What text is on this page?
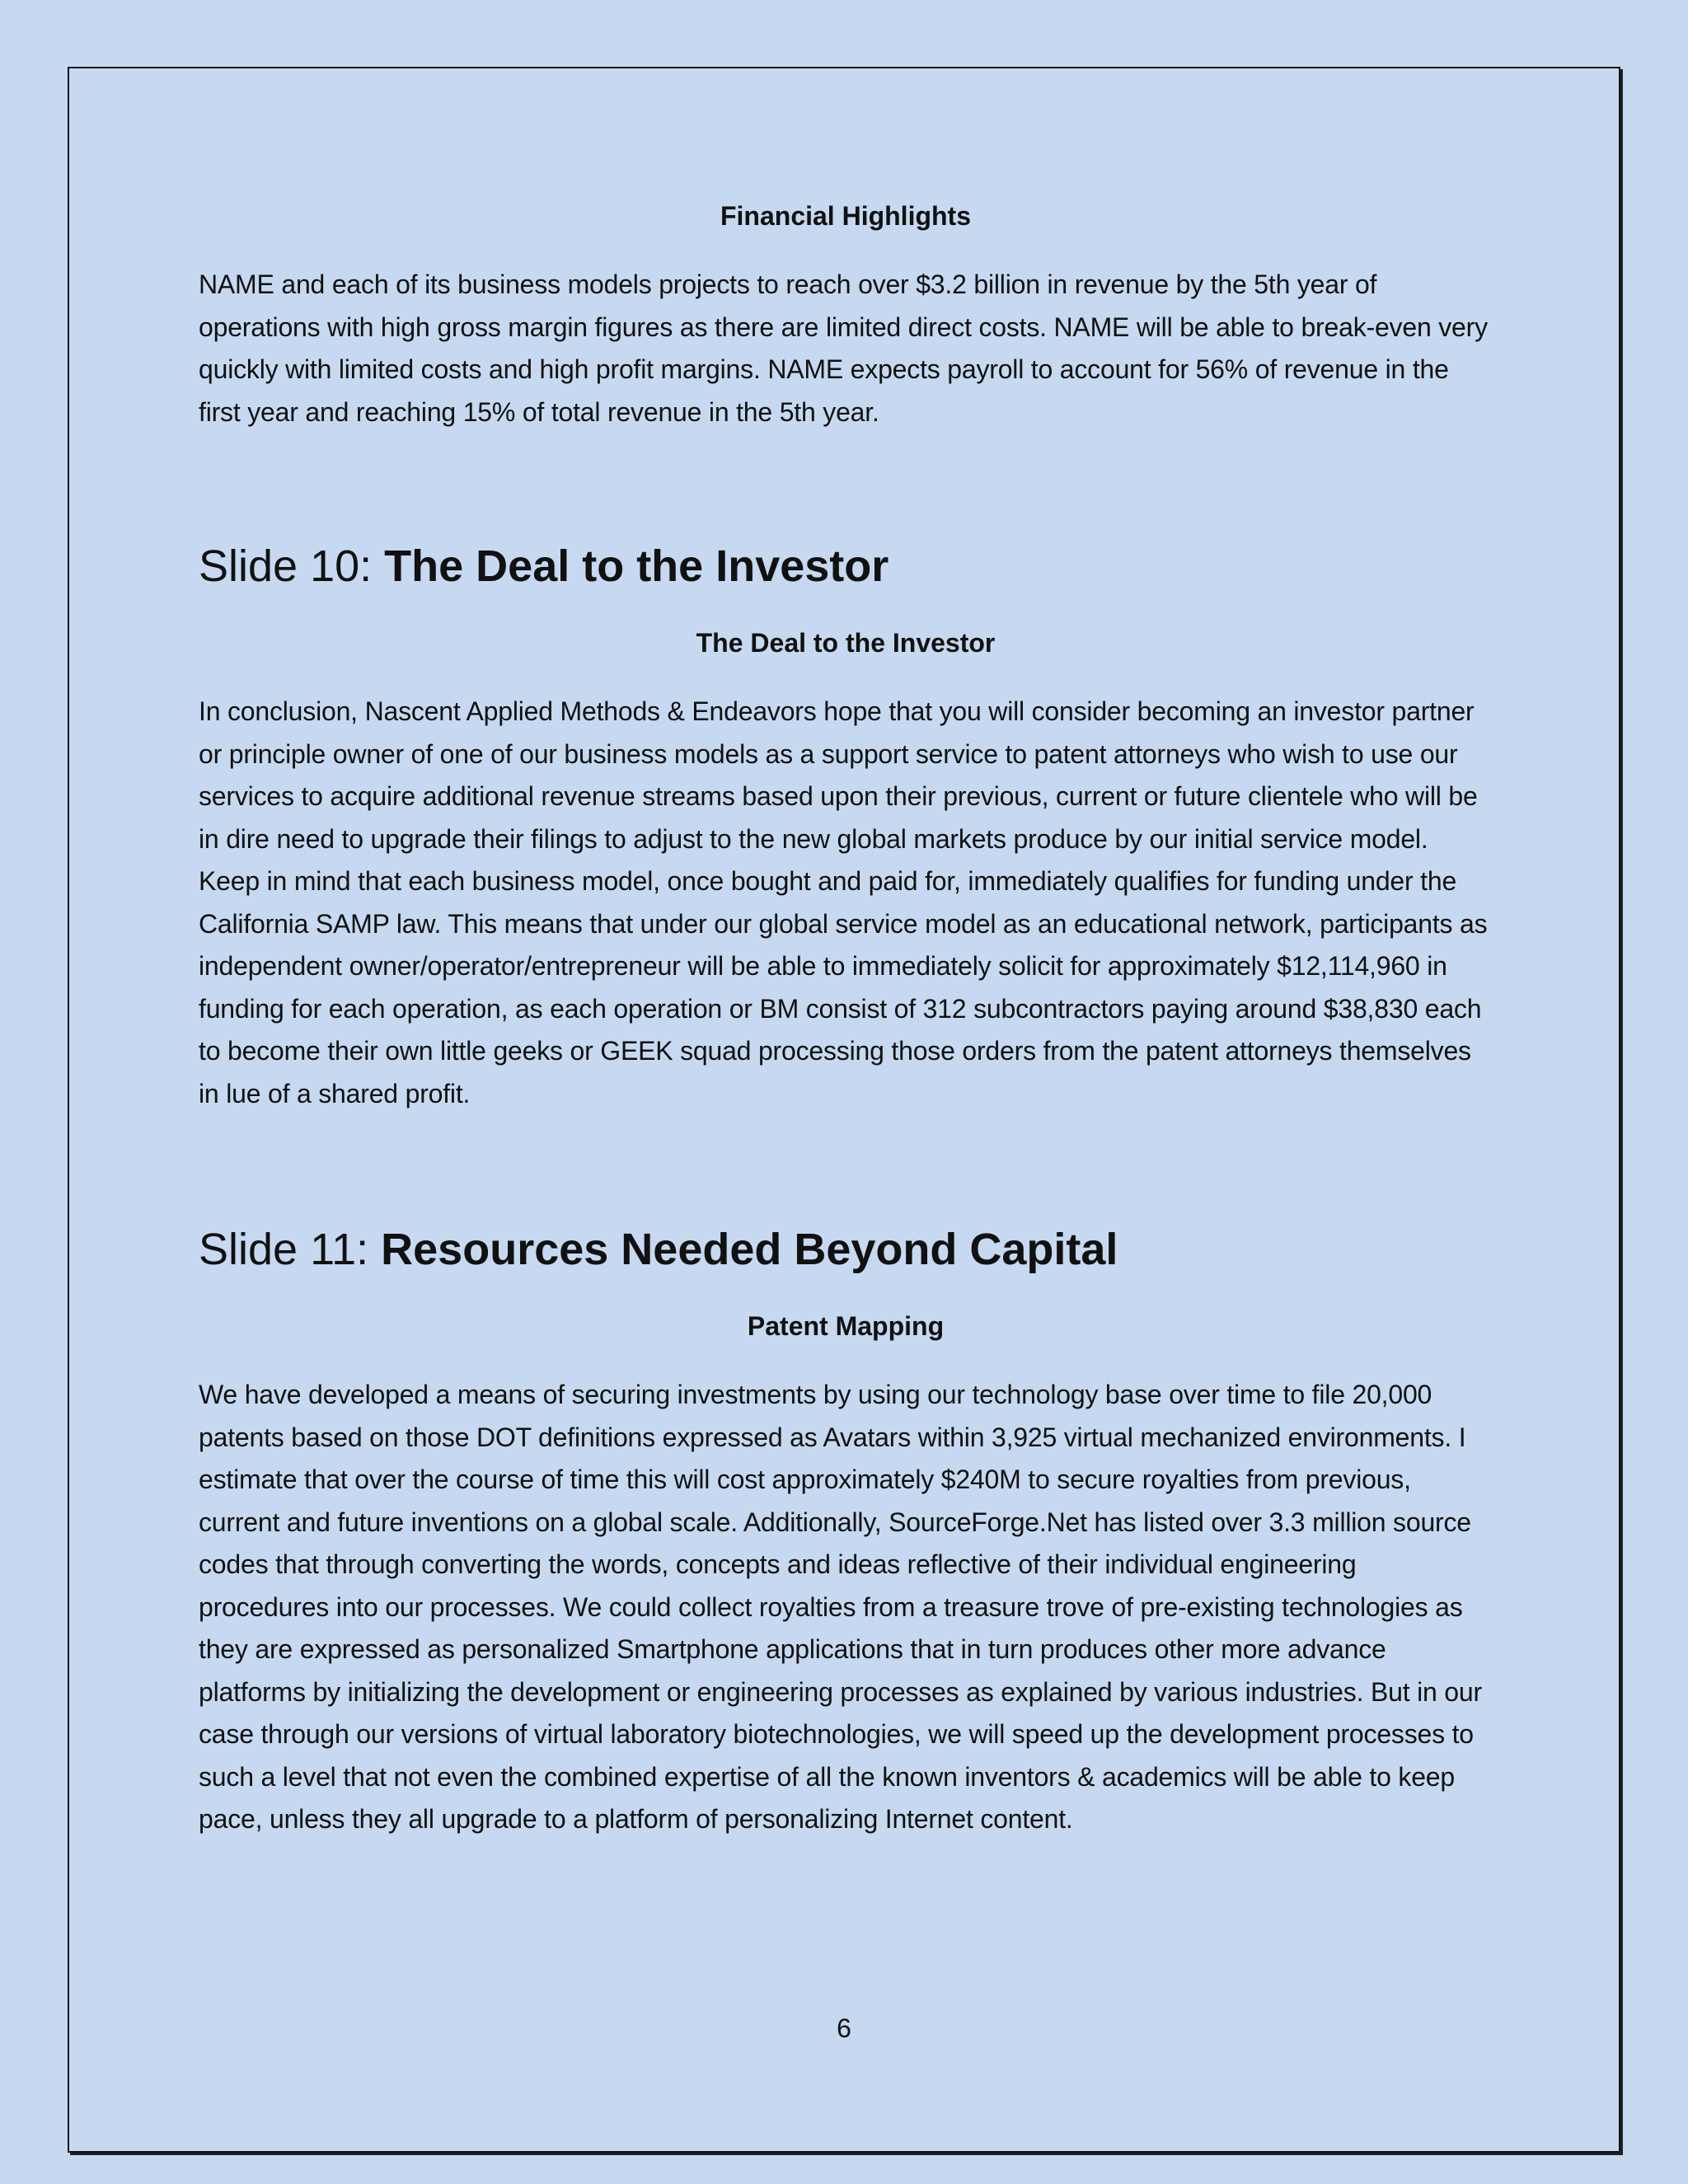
Financial Highlights

NAME and each of its business models projects to reach over $3.2 billion in revenue by the 5th year of operations with high gross margin figures as there are limited direct costs. NAME will be able to break-even very quickly with limited costs and high profit margins. NAME expects payroll to account for 56% of revenue in the first year and reaching 15% of total revenue in the 5th year.

Slide 10: The Deal to the Investor
The Deal to the Investor

In conclusion, Nascent Applied Methods & Endeavors hope that you will consider becoming an investor partner or principle owner of one of our business models as a support service to patent attorneys who wish to use our services to acquire additional revenue streams based upon their previous, current or future clientele who will be in dire need to upgrade their filings to adjust to the new global markets produce by our initial service model. Keep in mind that each business model, once bought and paid for, immediately qualifies for funding under the California SAMP law. This means that under our global service model as an educational network, participants as independent owner/operator/entrepreneur will be able to immediately solicit for approximately $12,114,960 in funding for each operation, as each operation or BM consist of 312 subcontractors paying around $38,830 each to become their own little geeks or GEEK squad processing those orders from the patent attorneys themselves in lue of a shared profit.

Slide 11: Resources Needed Beyond Capital
Patent Mapping

We have developed a means of securing investments by using our technology base over time to file 20,000 patents based on those DOT definitions expressed as Avatars within 3,925 virtual mechanized environments. I estimate that over the course of time this will cost approximately $240M to secure royalties from previous, current and future inventions on a global scale. Additionally, SourceForge.Net has listed over 3.3 million source codes that through converting the words, concepts and ideas reflective of their individual engineering procedures into our processes. We could collect royalties from a treasure trove of pre-existing technologies as they are expressed as personalized Smartphone applications that in turn produces other more advance platforms by initializing the development or engineering processes as explained by various industries. But in our case through our versions of virtual laboratory biotechnologies, we will speed up the development processes to such a level that not even the combined expertise of all the known inventors & academics will be able to keep pace, unless they all upgrade to a platform of personalizing Internet content.

6
